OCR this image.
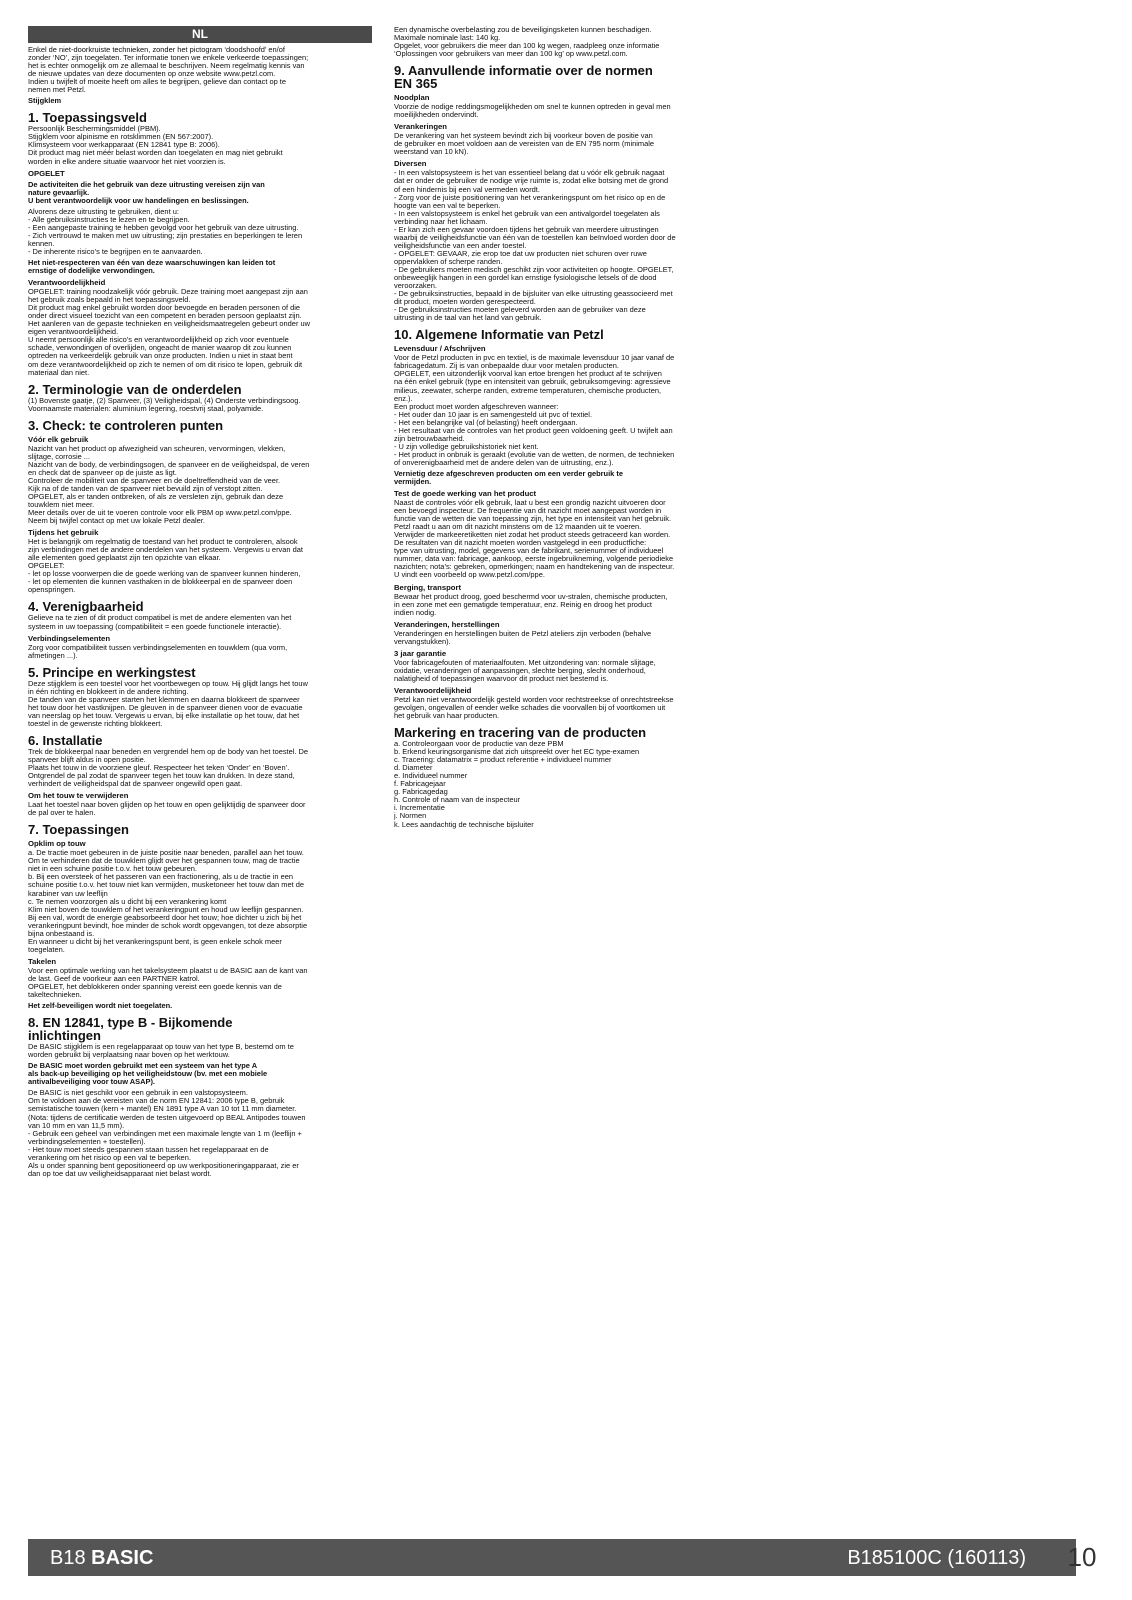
NL

Enkel de niet-doorkruiste technieken, zonder het pictogram ‘doodshoofd’ en/of
zonder ‘NO’, zijn toegelaten. Ter informatie tonen we enkele verkeerde toepassingen;
het is echter onmogelijk om ze allemaal te beschrijven. Neem regelmatig kennis van
de nieuwe updates van deze documenten op onze website www.petzl.com.
Indien u twijfelt of moeite heeft om alles te begrijpen, gelieve dan contact op te
nemen met Petzl.

Stijgklem

1. Toepassingsveld

Persoonlijk Beschermingsmiddel (PBM).
Stijgklem voor alpinisme en rotsklimmen (EN 567:2007).
Klimsysteem voor werkapparaat (EN 12841 type B: 2006).
Dit product mag niet méér belast worden dan toegelaten en mag niet gebruikt
worden in elke andere situatie waarvoor het niet voorzien is.

OPGELET

De activiteiten die het gebruik van deze uitrusting vereisen zijn van
nature gevaarlijk.
U bent verantwoordelijk voor uw handelingen en beslissingen.

Alvorens deze uitrusting te gebruiken, dient u:
- Alle gebruiksinstructies te lezen en te begrijpen.
- Een aangepaste training te hebben gevolgd voor het gebruik van deze uitrusting.
- Zich vertrouwd te maken met uw uitrusting; zijn prestaties en beperkingen te leren
kennen.
- De inherente risico’s te begrijpen en te aanvaarden.

Het niet-respecteren van één van deze waarschuwingen kan leiden tot
ernstige of dodelijke verwondingen.

Verantwoordelijkheid

OPGELET: training noodzakelijk vóór gebruik. Deze training moet aangepast zijn aan
het gebruik zoals bepaald in het toepassingsveld.
Dit product mag enkel gebruikt worden door bevoegde en beraden personen of die
onder direct visueel toezicht van een competent en beraden persoon geplaatst zijn.
Het aanleren van de gepaste technieken en veiligheidsmaatregelen gebeurt onder uw
eigen verantwoordelijkheid.
U neemt persoonlijk alle risico’s en verantwoordelijkheid op zich voor eventuele
schade, verwondingen of overlijden, ongeacht de manier waarop dit zou kunnen
optreden na verkeerdelijk gebruik van onze producten. Indien u niet in staat bent
om deze verantwoordelijkheid op zich te nemen of om dit risico te lopen, gebruik dit
materiaal dan niet.

2. Terminologie van de onderdelen

(1) Bovenste gaatje, (2) Spanveer, (3) Veiligheidspal, (4) Onderste verbindingsoog.
Voornaamste materialen: aluminium legering, roestvrij staal, polyamide.

3. Check: te controleren punten
Vóór elk gebruik

Nazicht van het product op afwezigheid van scheuren, vervormingen, vlekken,
slijtage, corrosie ...
Nazicht van de body, de verbindingsogen, de spanveer en de veiligheidspal, de veren
en check dat de spanveer op de juiste as ligt.
Controleer de mobiliteit van de spanveer en de doeltreffendheid van de veer.
Kijk na of de tanden van de spanveer niet bevuild zijn of verstopt zitten.
OPGELET, als er tanden ontbreken, of als ze versleten zijn, gebruik dan deze
touwklem niet meer.
Meer details over de uit te voeren controle voor elk PBM op www.petzl.com/ppe.
Neem bij twijfel contact op met uw lokale Petzl dealer.

Tijdens het gebruik

Het is belangrijk om regelmatig de toestand van het product te controleren, alsook
zijn verbindingen met de andere onderdelen van het systeem. Vergewis u ervan dat
alle elementen goed geplaatst zijn ten opzichte van elkaar.
OPGELET:
- let op losse voorwerpen die de goede werking van de spanveer kunnen hinderen,
- let op elementen die kunnen vasthaken in de blokkeerpal en de spanveer doen
openspringen.

4. Verenigbaarheid

Gelieve na te zien of dit product compatibel is met de andere elementen van het
systeem in uw toepassing (compatibiliteit = een goede functionele interactie).

Verbindingselementen

Zorg voor compatibiliteit tussen verbindingselementen en touwklem (qua vorm,
afmetingen ...).

5. Principe en werkingstest

Deze stijgklem is een toestel voor het voortbewegen op touw. Hij glijdt langs het touw
in één richting en blokkeert in de andere richting.
De tanden van de spanveer starten het klemmen en daarna blokkeert de spanveer
het touw door het vastknijpen. De gleuven in de spanveer dienen voor de evacuatie
van neerslag op het touw. Vergewis u ervan, bij elke installatie op het touw, dat het
toestel in de gewenste richting blokkeert.

6. Installatie

Trek de blokkeerpal naar beneden en vergrendel hem op de body van het toestel. De
spanveer blijft aldus in open positie.
Plaats het touw in de voorziene gleuf. Respecteer het teken ‘Onder’ en ‘Boven’.
Ontgrendel de pal zodat de spanveer tegen het touw kan drukken. In deze stand,
verhindert de veiligheidspal dat de spanveer ongewild open gaat.

Om het touw te verwijderen

Laat het toestel naar boven glijden op het touw en open gelijktijdig de spanveer door
de pal over te halen.

7. Toepassingen
Opklim op touw

a. De tractie moet gebeuren in de juiste positie naar beneden, parallel aan het touw.
Om te verhinderen dat de touwklem glijdt over het gespannen touw, mag de tractie
niet in een schuine positie t.o.v. het touw gebeuren.
b. Bij een oversteek of het passeren van een fractionering, als u de tractie in een
schuine positie t.o.v. het touw niet kan vermijden, musketoneer het touw dan met de
karabiner van uw leeflijn
c. Te nemen voorzorgen als u dicht bij een verankering komt
Klim niet boven de touwklem of het verankeringpunt en houd uw leeflijn gespannen.
Bij een val, wordt de energie geabsorbeerd door het touw; hoe dichter u zich bij het
verankeringpunt bevindt, hoe minder de schok wordt opgevangen, tot deze absorptie
bijna onbestaand is.
En wanneer u dicht bij het verankeringspunt bent, is geen enkele schok meer
toegelaten.

Takelen

Voor een optimale werking van het takelsysteem plaatst u de BASIC aan de kant van
de last. Geef de voorkeur aan een PARTNER katrol.
OPGELET, het deblokkeren onder spanning vereist een goede kennis van de
takeltechnieken.

Het zelf-beveiligen wordt niet toegelaten.

8. EN 12841, type B - Bijkomende
inlichtingen

De BASIC stijgklem is een regelapparaat op touw van het type B, bestemd om te
worden gebruikt bij verplaatsing naar boven op het werktouw.

De BASIC moet worden gebruikt met een systeem van het type A
als back-up beveiliging op het veiligheidstouw (bv. met een mobiele
antivalbeveiliging voor touw ASAP).

De BASIC is niet geschikt voor een gebruik in een valstopsysteem.
Om te voldoen aan de vereisten van de norm EN 12841: 2006 type B, gebruik
semistatische touwen (kern + mantel) EN 1891 type A van 10 tot 11 mm diameter.
(Nota: tijdens de certificatie werden de testen uitgevoerd op BEAL Antipodes touwen
van 10 mm en van 11,5 mm).
- Gebruik een geheel van verbindingen met een maximale lengte van 1 m (leeflijn +
verbindingselementen + toestellen).
- Het touw moet steeds gespannen staan tussen het regelapparaat en de
verankering om het risico op een val te beperken.
Als u onder spanning bent gepositioneerd op uw werkpositioneringapparaat, zie er
dan op toe dat uw veiligheidsapparaat niet belast wordt.

Een dynamische overbelasting zou de beveiligingsketen kunnen beschadigen.
Maximale nominale last: 140 kg.
Opgelet, voor gebruikers die meer dan 100 kg wegen, raadpleeg onze informatie
‘Oplossingen voor gebruikers van meer dan 100 kg’ op www.petzl.com.

9. Aanvullende informatie over de normen
EN 365
Noodplan

Voorzie de nodige reddingsmogelijkheden om snel te kunnen optreden in geval men
moeilijkheden ondervindt.

Verankeringen

De verankering van het systeem bevindt zich bij voorkeur boven de positie van
de gebruiker en moet voldoen aan de vereisten van de EN 795 norm (minimale
weerstand van 10 kN).

Diversen

- In een valstopsysteem is het van essentieel belang dat u vóór elk gebruik nagaat
dat er onder de gebruiker de nodige vrije ruimte is, zodat elke botsing met de grond
of een hindernis bij een val vermeden wordt.
- Zorg voor de juiste positionering van het verankeringspunt om het risico op en de
hoogte van een val te beperken.
- In een valstopsysteem is enkel het gebruik van een antivalgordel toegelaten als
verbinding naar het lichaam.
- Er kan zich een gevaar voordoen tijdens het gebruik van meerdere uitrustingen
waarbij de veiligheidsfunctie van één van de toestellen kan beïnvloed worden door de
veiligheidsfunctie van een ander toestel.
- OPGELET: GEVAAR, zie erop toe dat uw producten niet schuren over ruwe
oppervlakken of scherpe randen.
- De gebruikers moeten medisch geschikt zijn voor activiteiten op hoogte. OPGELET,
onbeweeglijk hangen in een gordel kan ernstige fysiologische letsels of de dood
veroorzaken.
- De gebruiksinstructies, bepaald in de bijsluiter van elke uitrusting geassocieerd met
dit product, moeten worden gerespecteerd.
- De gebruiksinstructies moeten geleverd worden aan de gebruiker van deze
uitrusting in de taal van het land van gebruik.

10. Algemene Informatie van Petzl
Levensduur / Afschrijven

Voor de Petzl producten in pvc en textiel, is de maximale levensduur 10 jaar vanaf de
fabricagedatum. Zij is van onbepaalde duur voor metalen producten.
OPGELET, een uitzonderlijk voorval kan ertoe brengen het product af te schrijven
na één enkel gebruik (type en intensiteit van gebruik, gebruiksomgeving: agressieve
milieus, zeewater, scherpe randen, extreme temperaturen, chemische producten,
enz.).
Een product moet worden afgeschreven wanneer:
- Het ouder dan 10 jaar is en samengesteld uit pvc of textiel.
- Het een belangrijke val (of belasting) heeft ondergaan.
- Het resultaat van de controles van het product geen voldoening geeft. U twijfelt aan
zijn betrouwbaarheid.
- U zijn volledige gebruikshistoriek niet kent.
- Het product in onbruik is geraakt (evolutie van de wetten, de normen, de technieken
of onverenigbaarheid met de andere delen van de uitrusting, enz.).

Vernietig deze afgeschreven producten om een verder gebruik te
vermijden.

Test de goede werking van het product

Naast de controles vóór elk gebruik, laat u best een grondig nazicht uitvoeren door
een bevoegd inspecteur. De frequentie van dit nazicht moet aangepast worden in
functie van de wetten die van toepassing zijn, het type en intensiteit van het gebruik.
Petzl raadt u aan om dit nazicht minstens om de 12 maanden uit te voeren.
Verwijder de markeeretiketten niet zodat het product steeds getraceerd kan worden.
De resultaten van dit nazicht moeten worden vastgelegd in een productfiche:
type van uitrusting, model, gegevens van de fabrikant, serienummer of individueel
nummer, data van: fabricage, aankoop, eerste ingebruikneming, volgende periodieke
nazichten; nota’s: gebreken, opmerkingen; naam en handtekening van de inspecteur.
U vindt een voorbeeld op www.petzl.com/ppe.

Berging, transport

Bewaar het product droog, goed beschermd voor uv-stralen, chemische producten,
in een zone met een gematigde temperatuur, enz. Reinig en droog het product
indien nodig.

Veranderingen, herstellingen

Veranderingen en herstellingen buiten de Petzl ateliers zijn verboden (behalve
vervangstukken).

3 jaar garantie

Voor fabricagefouten of materiaalfouten. Met uitzondering van: normale slijtage,
oxidatie, veranderingen of aanpassingen, slechte berging, slecht onderhoud,
nalatigheid of toepassingen waarvoor dit product niet bestemd is.

Verantwoordelijkheid

Petzl kan niet verantwoordelijk gesteld worden voor rechtstreekse of onrechtstreekse
gevolgen, ongevallen of eender welke schades die voorvallen bij of voortkomen uit
het gebruik van haar producten.

Markering en tracering van de producten

a. Controleorgaan voor de productie van deze PBM
b. Erkend keuringsorganisme dat zich uitspreekt over het EC type-examen
c. Tracering: datamatrix = product referentie + individueel nummer
d. Diameter
e. Individueel nummer
f. Fabricagejaar
g. Fabricagedag
h. Controle of naam van de inspecteur
i. Incrementatie
j. Normen
k. Lees aandachtig de technische bijsluiter

B18 BASIC	B185100C (160113)	10
